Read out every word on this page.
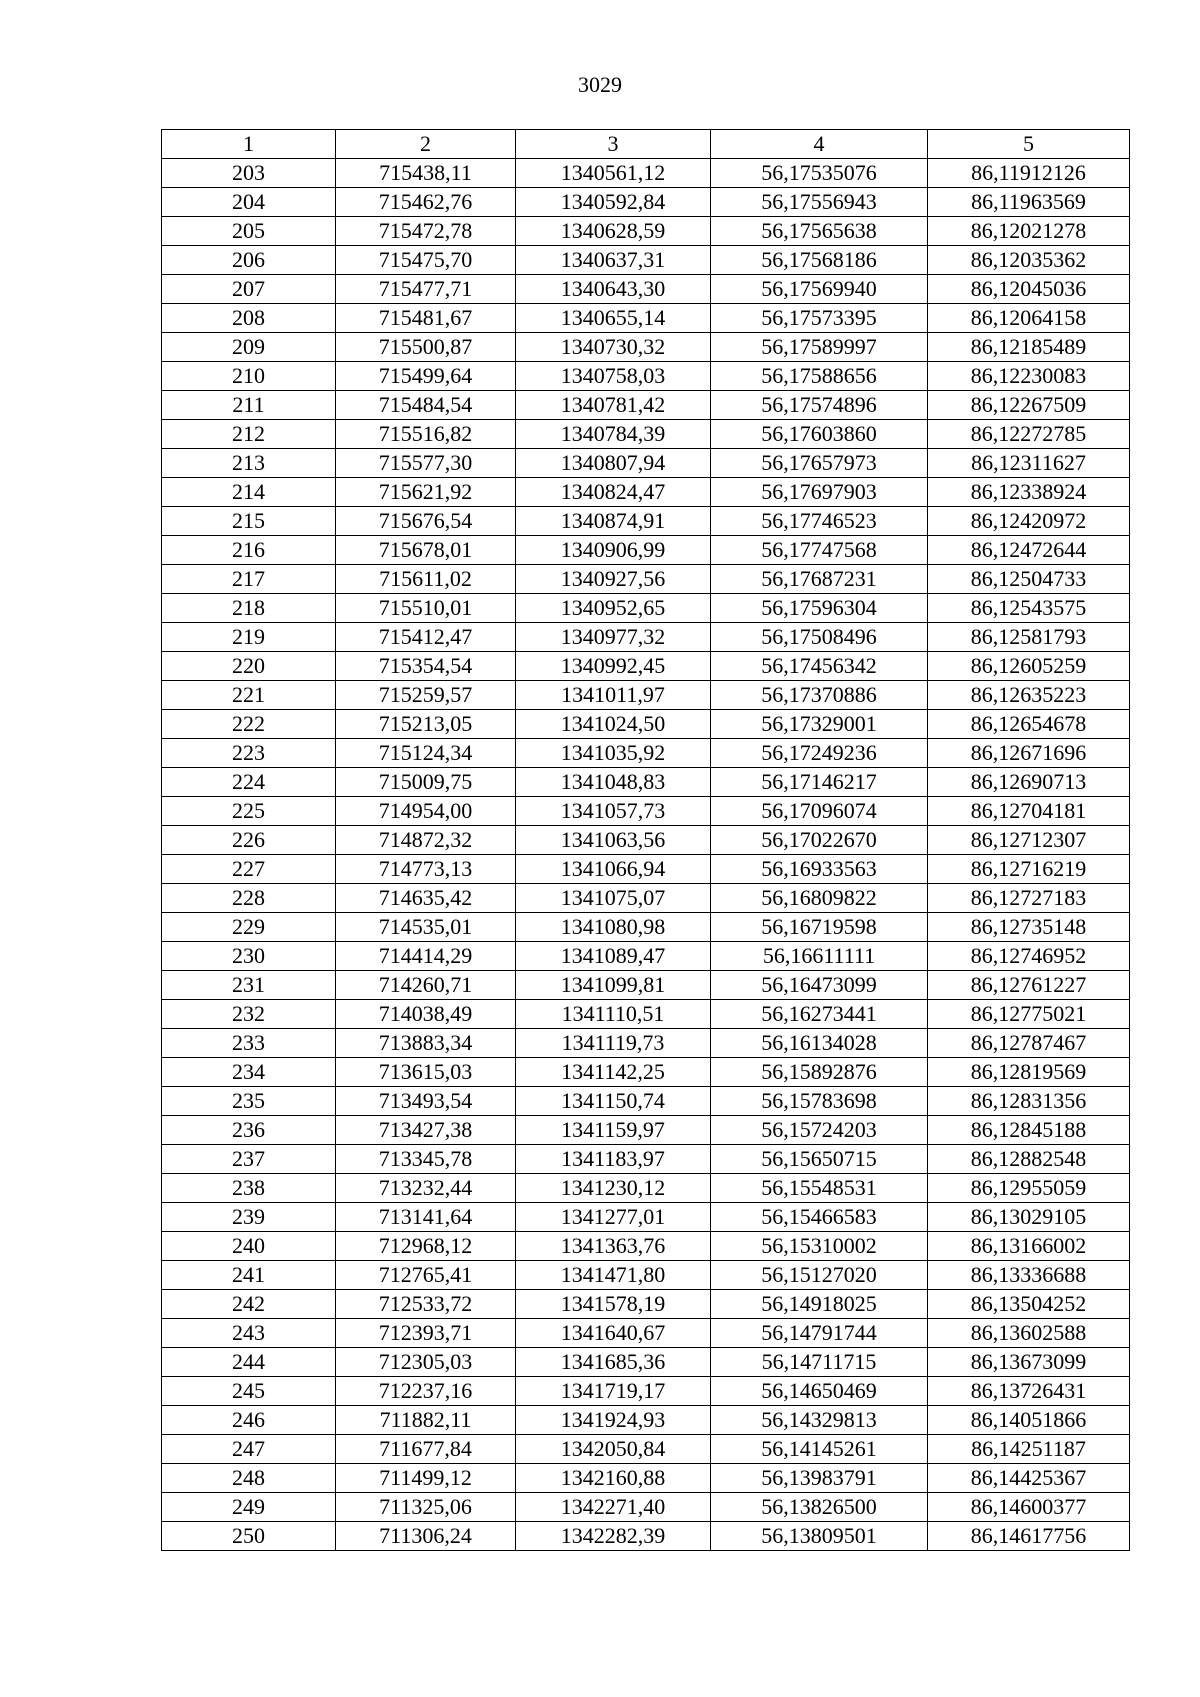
3029
1	2	3	4	5
203	715438,11	1340561,12	56,17535076	86,11912126
204	715462,76	1340592,84	56,17556943	86,11963569
205	715472,78	1340628,59	56,17565638	86,12021278
206	715475,70	1340637,31	56,17568186	86,12035362
207	715477,71	1340643,30	56,17569940	86,12045036
208	715481,67	1340655,14	56,17573395	86,12064158
209	715500,87	1340730,32	56,17589997	86,12185489
210	715499,64	1340758,03	56,17588656	86,12230083
211	715484,54	1340781,42	56,17574896	86,12267509
212	715516,82	1340784,39	56,17603860	86,12272785
213	715577,30	1340807,94	56,17657973	86,12311627
214	715621,92	1340824,47	56,17697903	86,12338924
215	715676,54	1340874,91	56,17746523	86,12420972
216	715678,01	1340906,99	56,17747568	86,12472644
217	715611,02	1340927,56	56,17687231	86,12504733
218	715510,01	1340952,65	56,17596304	86,12543575
219	715412,47	1340977,32	56,17508496	86,12581793
220	715354,54	1340992,45	56,17456342	86,12605259
221	715259,57	1341011,97	56,17370886	86,12635223
222	715213,05	1341024,50	56,17329001	86,12654678
223	715124,34	1341035,92	56,17249236	86,12671696
224	715009,75	1341048,83	56,17146217	86,12690713
225	714954,00	1341057,73	56,17096074	86,12704181
226	714872,32	1341063,56	56,17022670	86,12712307
227	714773,13	1341066,94	56,16933563	86,12716219
228	714635,42	1341075,07	56,16809822	86,12727183
229	714535,01	1341080,98	56,16719598	86,12735148
230	714414,29	1341089,47	56,16611111	86,12746952
231	714260,71	1341099,81	56,16473099	86,12761227
232	714038,49	1341110,51	56,16273441	86,12775021
233	713883,34	1341119,73	56,16134028	86,12787467
234	713615,03	1341142,25	56,15892876	86,12819569
235	713493,54	1341150,74	56,15783698	86,12831356
236	713427,38	1341159,97	56,15724203	86,12845188
237	713345,78	1341183,97	56,15650715	86,12882548
238	713232,44	1341230,12	56,15548531	86,12955059
239	713141,64	1341277,01	56,15466583	86,13029105
240	712968,12	1341363,76	56,15310002	86,13166002
241	712765,41	1341471,80	56,15127020	86,13336688
242	712533,72	1341578,19	56,14918025	86,13504252
243	712393,71	1341640,67	56,14791744	86,13602588
244	712305,03	1341685,36	56,14711715	86,13673099
245	712237,16	1341719,17	56,14650469	86,13726431
246	711882,11	1341924,93	56,14329813	86,14051866
247	711677,84	1342050,84	56,14145261	86,14251187
248	711499,12	1342160,88	56,13983791	86,14425367
249	711325,06	1342271,40	56,13826500	86,14600377
250	711306,24	1342282,39	56,13809501	86,14617756
